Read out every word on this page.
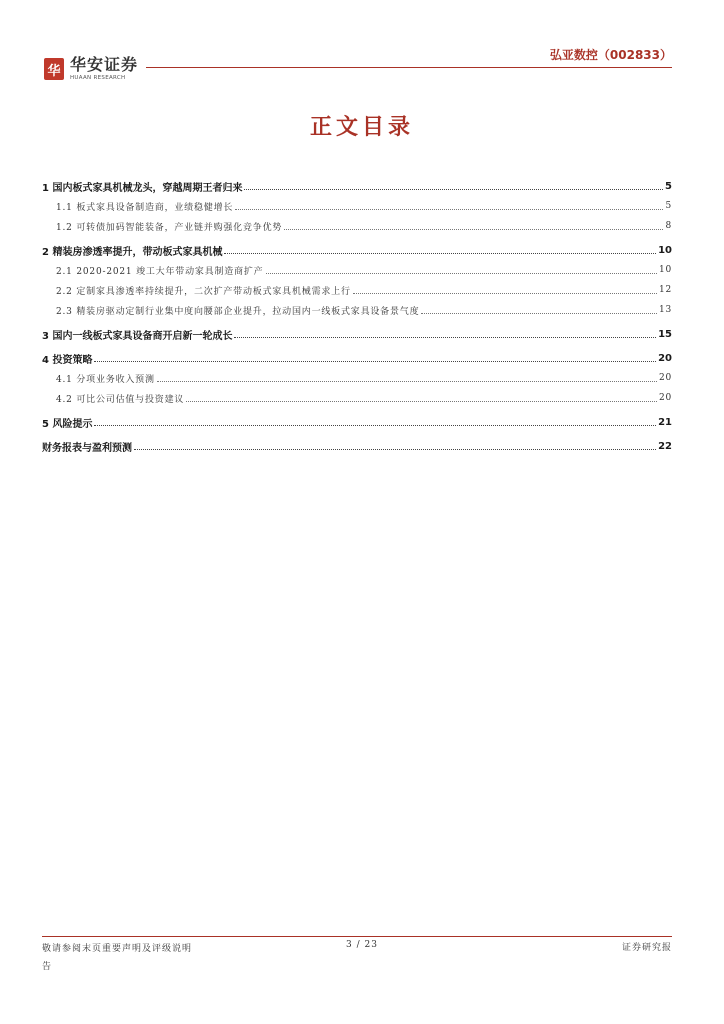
华 华安证券
HUAAN RESEARCH
弘亚数控（002833）
正文目录
1 国内板式家具机械龙头，穿越周期王者归来	5
1.1 板式家具设备制造商，业绩稳健增长	5
1.2 可转债加码智能装备，产业链并购强化竞争优势	8
2 精装房渗透率提升，带动板式家具机械	10
2.1 2020-2021 竣工大年带动家具制造商扩产	10
2.2 定制家具渗透率持续提升，二次扩产带动板式家具机械需求上行	12
2.3 精装房驱动定制行业集中度向腰部企业提升，拉动国内一线板式家具设备景气度	13
3 国内一线板式家具设备商开启新一轮成长	15
4 投资策略	20
4.1 分项业务收入预测	20
4.2 可比公司估值与投资建议	20
5 风险提示	21
财务报表与盈利预测	22
敬请参阅末页重要声明及评级说明
告
3 / 23	证券研究报
